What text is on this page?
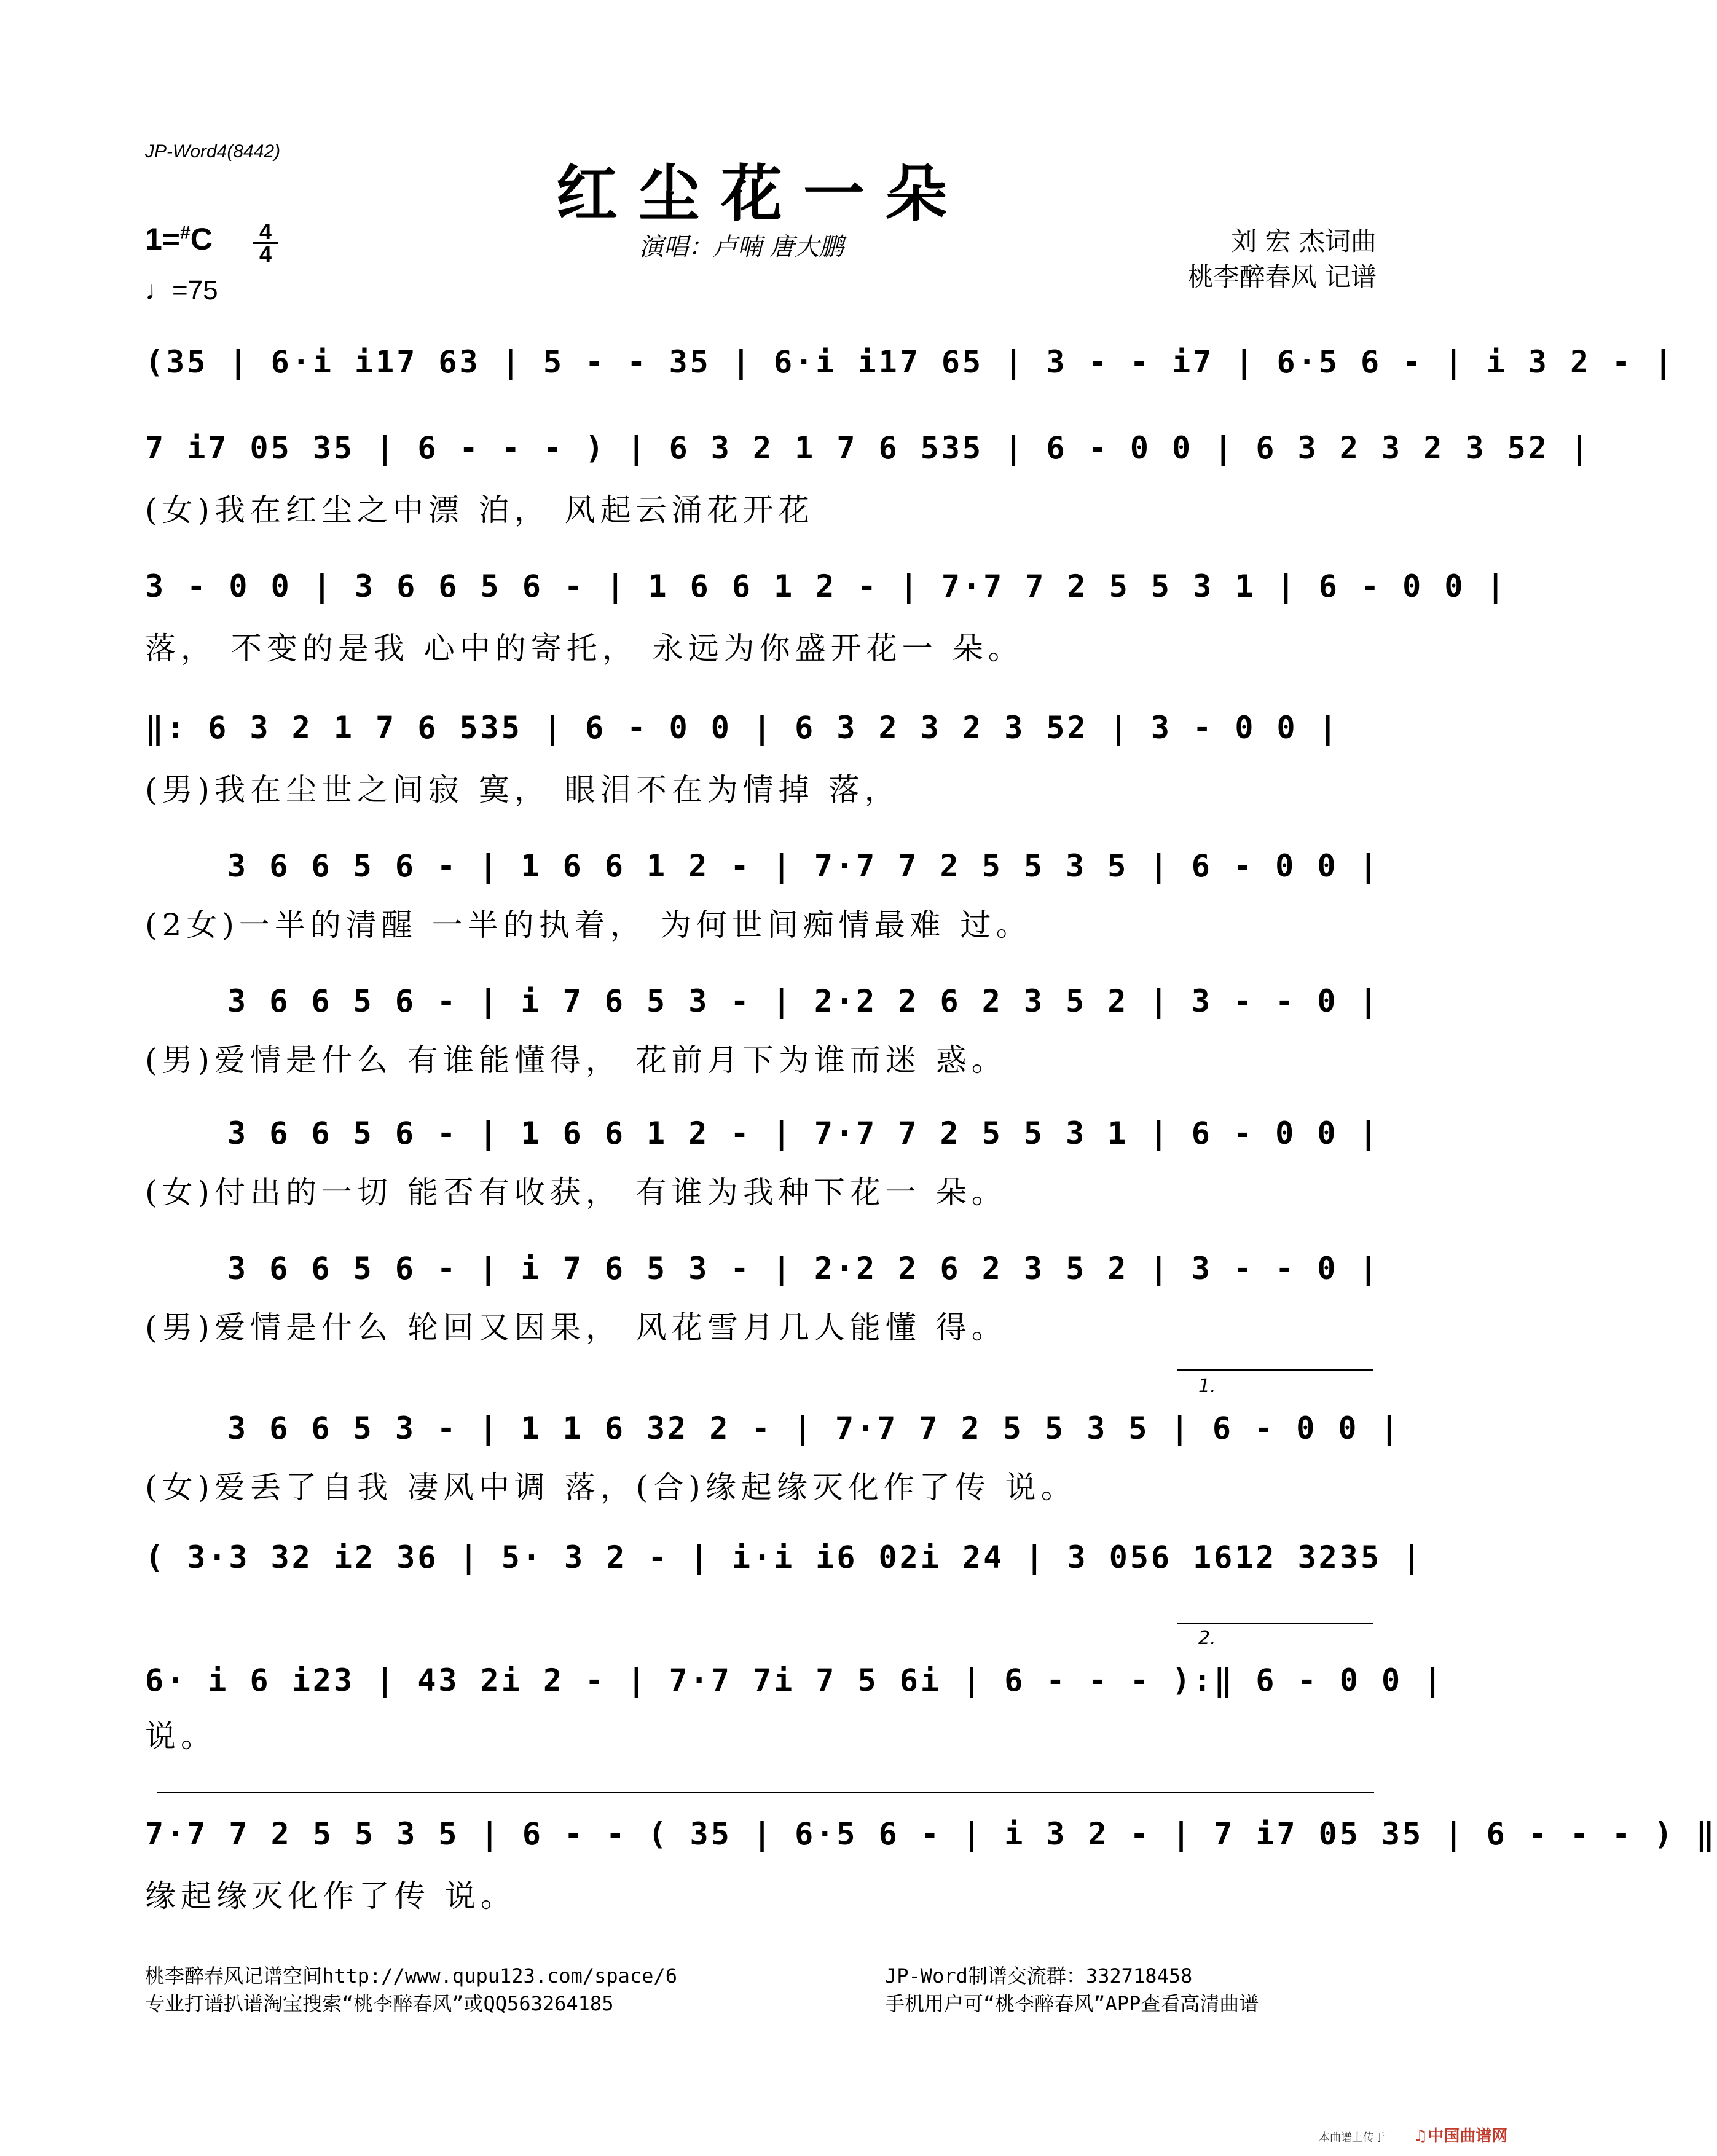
JP-Word4(8442)
红尘花一朵
1=#C 4
4
♩=75
演唱：卢喃 唐大鹏	刘 宏 杰词曲
桃李醉春风 记谱
(35 | 6·i i17 63 | 5 - - 35 | 6·i i17 65 | 3 - - i7 | 6·5 6 - | i 3 2 - |
7 i7 05 35 | 6 - - - ) | 6 3 2 1 7 6 535 | 6 - 0 0 | 6 3 2 3 2 3 52 |
(女)我在红尘之中漂 泊， 风起云涌花开花
3 - 0 0 | 3 6 6 5 6 - | 1 6 6 1 2 - | 7·7 7 2 5 5 3 1 | 6 - 0 0 |
落， 不变的是我 心中的寄托， 永远为你盛开花一 朵。
‖: 6 3 2 1 7 6 535 | 6 - 0 0 | 6 3 2 3 2 3 52 | 3 - 0 0 |
(男)我在尘世之间寂 寞， 眼泪不在为情掉 落，
3 6 6 5 6 - | 1 6 6 1 2 - | 7·7 7 2 5 5 3 5 | 6 - 0 0 |
(2女)一半的清醒 一半的执着， 为何世间痴情最难 过。
3 6 6 5 6 - | i 7 6 5 3 - | 2·2 2 6 2 3 5 2 | 3 - - 0 |
(男)爱情是什么 有谁能懂得， 花前月下为谁而迷 惑。
3 6 6 5 6 - | 1 6 6 1 2 - | 7·7 7 2 5 5 3 1 | 6 - 0 0 |
(女)付出的一切 能否有收获， 有谁为我种下花一 朵。
3 6 6 5 6 - | i 7 6 5 3 - | 2·2 2 6 2 3 5 2 | 3 - - 0 |
(男)爱情是什么 轮回又因果， 风花雪月几人能懂 得。
1.
3 6 6 5 3 - | 1 1 6 32 2 - | 7·7 7 2 5 5 3 5 | 6 - 0 0 |
(女)爱丢了自我 凄风中调 落，(合)缘起缘灭化作了传 说。
( 3·3 32 i2 36 | 5· 3 2 - | i·i i6 02i 24 | 3 056 1612 3235 |
2.
6· i 6 i23 | 43 2i 2 - | 7·7 7i 7 5 6i | 6 - - - ):‖ 6 - 0 0 |
说。
7·7 7 2 5 5 3 5 | 6 - - ( 35 | 6·5 6 - | i 3 2 - | 7 i7 05 35 | 6 - - - ) ‖
缘起缘灭化作了传 说。
桃李醉春风记谱空间http://www.qupu123.com/space/6
专业打谱扒谱淘宝搜索“桃李醉春风”或QQ563264185
JP-Word制谱交流群：332718458
手机用户可“桃李醉春风”APP查看高清曲谱
本曲谱上传于 ♫中国曲谱网
